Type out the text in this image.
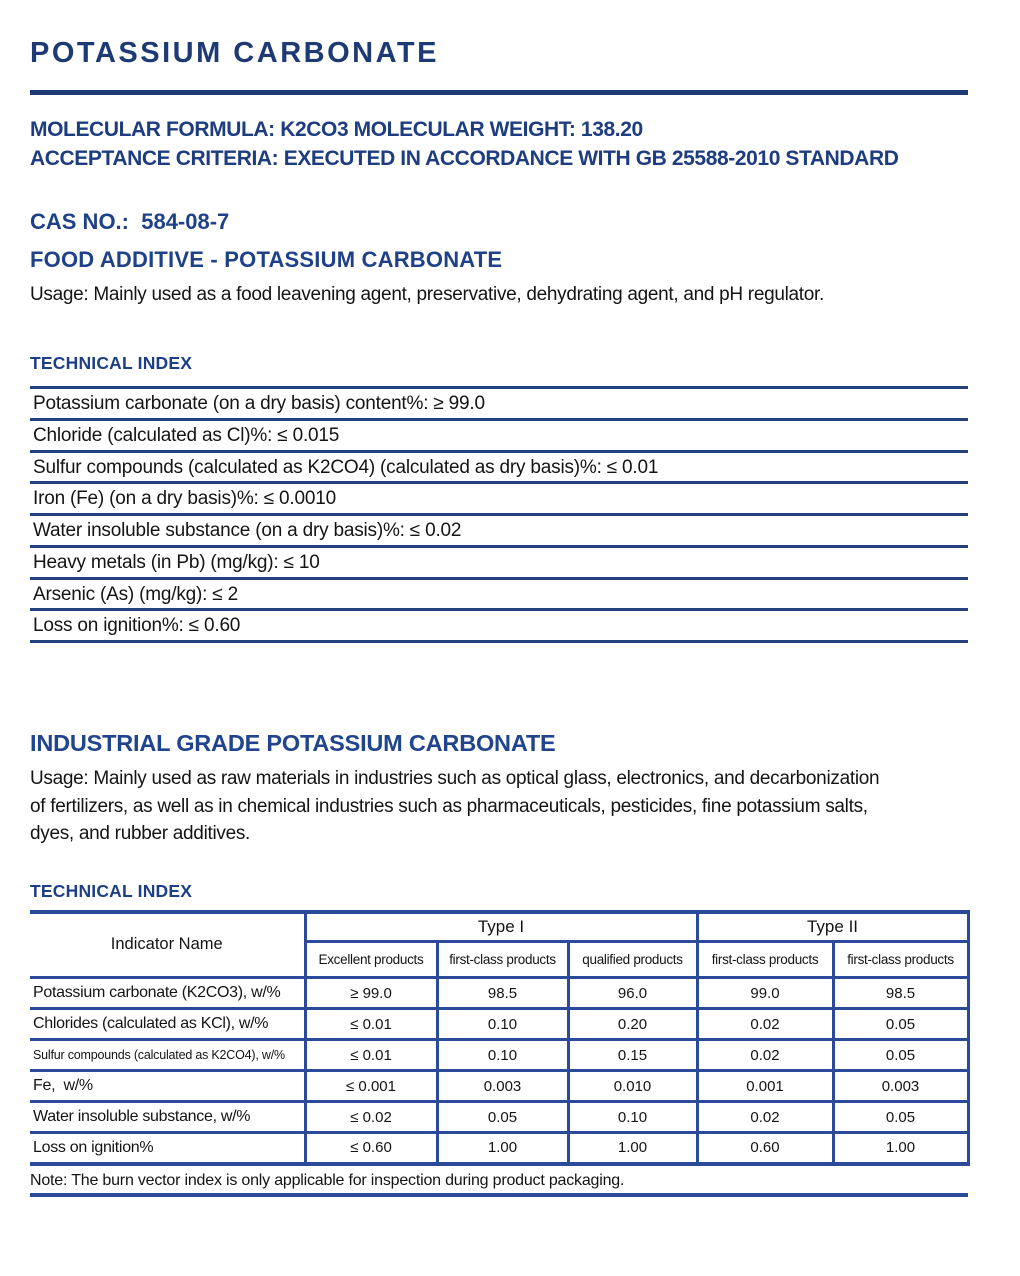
POTASSIUM CARBONATE
MOLECULAR FORMULA: K2CO3 MOLECULAR WEIGHT: 138.20
ACCEPTANCE CRITERIA: EXECUTED IN ACCORDANCE WITH GB 25588-2010 STANDARD
CAS NO.:  584-08-7
FOOD ADDITIVE - POTASSIUM CARBONATE
Usage: Mainly used as a food leavening agent, preservative, dehydrating agent, and pH regulator.
TECHNICAL INDEX
Potassium carbonate (on a dry basis) content%: ≥ 99.0
Chloride (calculated as Cl)%: ≤ 0.015
Sulfur compounds (calculated as K2CO4) (calculated as dry basis)%: ≤ 0.01
Iron (Fe) (on a dry basis)%: ≤ 0.0010
Water insoluble substance (on a dry basis)%: ≤ 0.02
Heavy metals (in Pb) (mg/kg): ≤ 10
Arsenic (As) (mg/kg): ≤ 2
Loss on ignition%: ≤ 0.60
INDUSTRIAL GRADE POTASSIUM CARBONATE
Usage: Mainly used as raw materials in industries such as optical glass, electronics, and decarbonization
of fertilizers, as well as in chemical industries such as pharmaceuticals, pesticides, fine potassium salts,
dyes, and rubber additives.
TECHNICAL INDEX
Indicator Name	Type I			Type II	
	Excellent products	first-class products	qualified products	first-class products	first-class products
Potassium carbonate (K2CO3), w/%	≥ 99.0	98.5	96.0	99.0	98.5
Chlorides (calculated as KCl), w/%	≤ 0.01	0.10	0.20	0.02	0.05
Sulfur compounds (calculated as K2CO4), w/%	≤ 0.01	0.10	0.15	0.02	0.05
Fe,  w/%	≤ 0.001	0.003	0.010	0.001	0.003
Water insoluble substance, w/%	≤ 0.02	0.05	0.10	0.02	0.05
Loss on ignition%	≤ 0.60	1.00	1.00	0.60	1.00
Note: The burn vector index is only applicable for inspection during product packaging.
